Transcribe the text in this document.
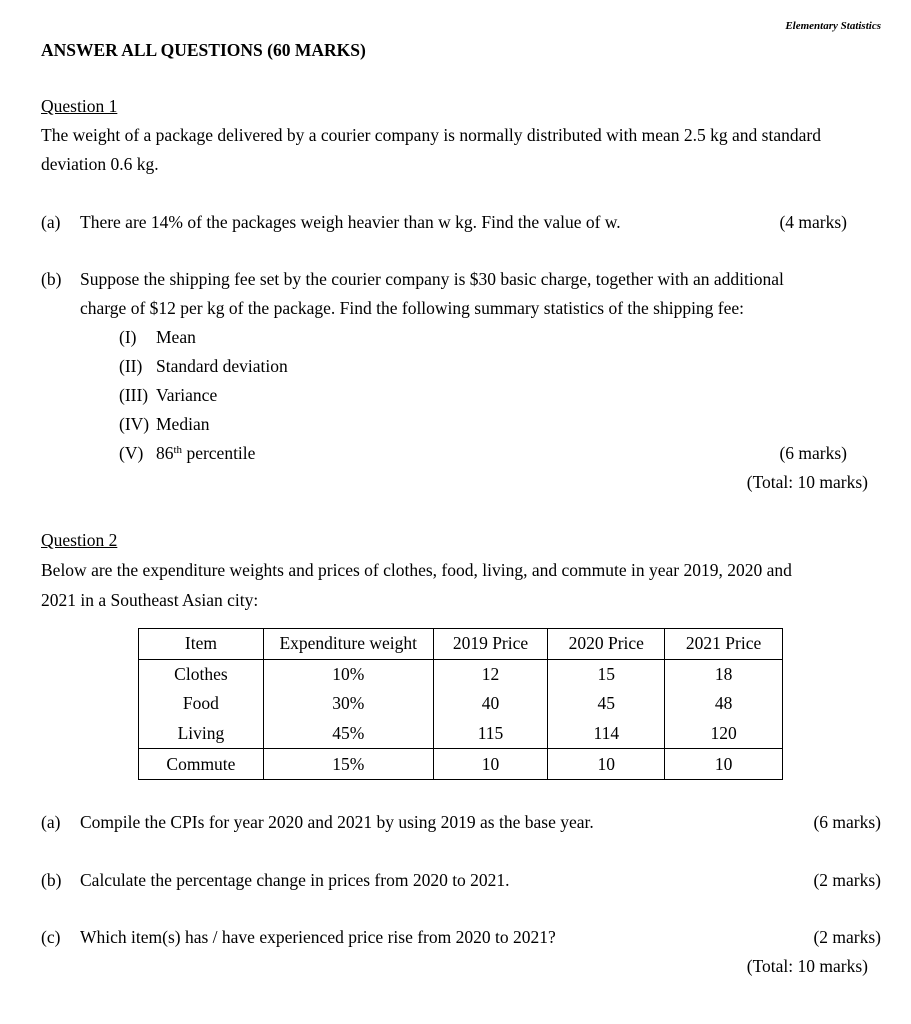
Elementary Statistics
ANSWER ALL QUESTIONS (60 MARKS)
Question 1
The weight of a package delivered by a courier company is normally distributed with mean 2.5 kg and standard
deviation 0.6 kg.
(a) There are 14% of the packages weigh heavier than w kg. Find the value of w.	(4 marks)
(b) Suppose the shipping fee set by the courier company is $30 basic charge, together with an additional
charge of $12 per kg of the package. Find the following summary statistics of the shipping fee:
(I) Mean
(II) Standard deviation
(III) Variance
(IV) Median
(V) 86th percentile	(6 marks)
(Total: 10 marks)
Question 2
Below are the expenditure weights and prices of clothes, food, living, and commute in year 2019, 2020 and
2021 in a Southeast Asian city:
Item	Expenditure weight	2019 Price	2020 Price	2021 Price
Clothes	10%	12	15	18
Food	30%	40	45	48
Living	45%	115	114	120
Commute	15%	10	10	10
(a) Compile the CPIs for year 2020 and 2021 by using 2019 as the base year.	(6 marks)
(b) Calculate the percentage change in prices from 2020 to 2021.	(2 marks)
(c) Which item(s) has / have experienced price rise from 2020 to 2021?	(2 marks)
(Total: 10 marks)
